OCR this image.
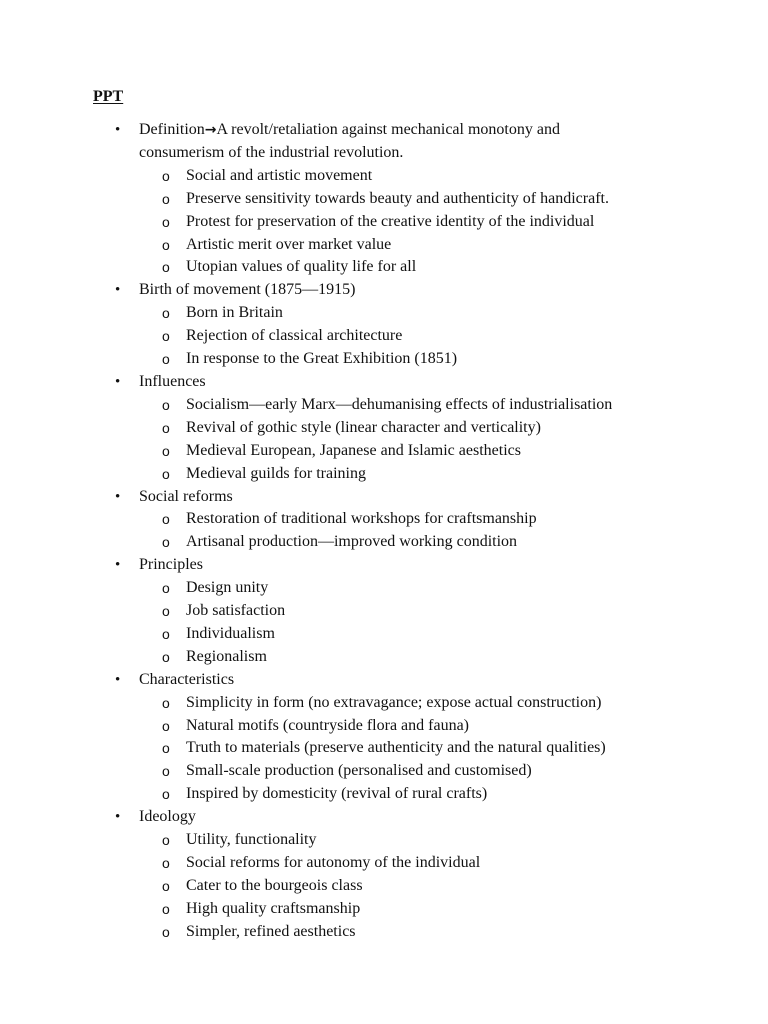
PPT
• Definition→A revolt/retaliation against mechanical monotony and consumerism of the industrial revolution.
o Social and artistic movement
o Preserve sensitivity towards beauty and authenticity of handicraft.
o Protest for preservation of the creative identity of the individual
o Artistic merit over market value
o Utopian values of quality life for all
• Birth of movement (1875—1915)
o Born in Britain
o Rejection of classical architecture
o In response to the Great Exhibition (1851)
• Influences
o Socialism—early Marx—dehumanising effects of industrialisation
o Revival of gothic style (linear character and verticality)
o Medieval European, Japanese and Islamic aesthetics
o Medieval guilds for training
• Social reforms
o Restoration of traditional workshops for craftsmanship
o Artisanal production—improved working condition
• Principles
o Design unity
o Job satisfaction
o Individualism
o Regionalism
• Characteristics
o Simplicity in form (no extravagance; expose actual construction)
o Natural motifs (countryside flora and fauna)
o Truth to materials (preserve authenticity and the natural qualities)
o Small-scale production (personalised and customised)
o Inspired by domesticity (revival of rural crafts)
• Ideology
o Utility, functionality
o Social reforms for autonomy of the individual
o Cater to the bourgeois class
o High quality craftsmanship
o Simpler, refined aesthetics
